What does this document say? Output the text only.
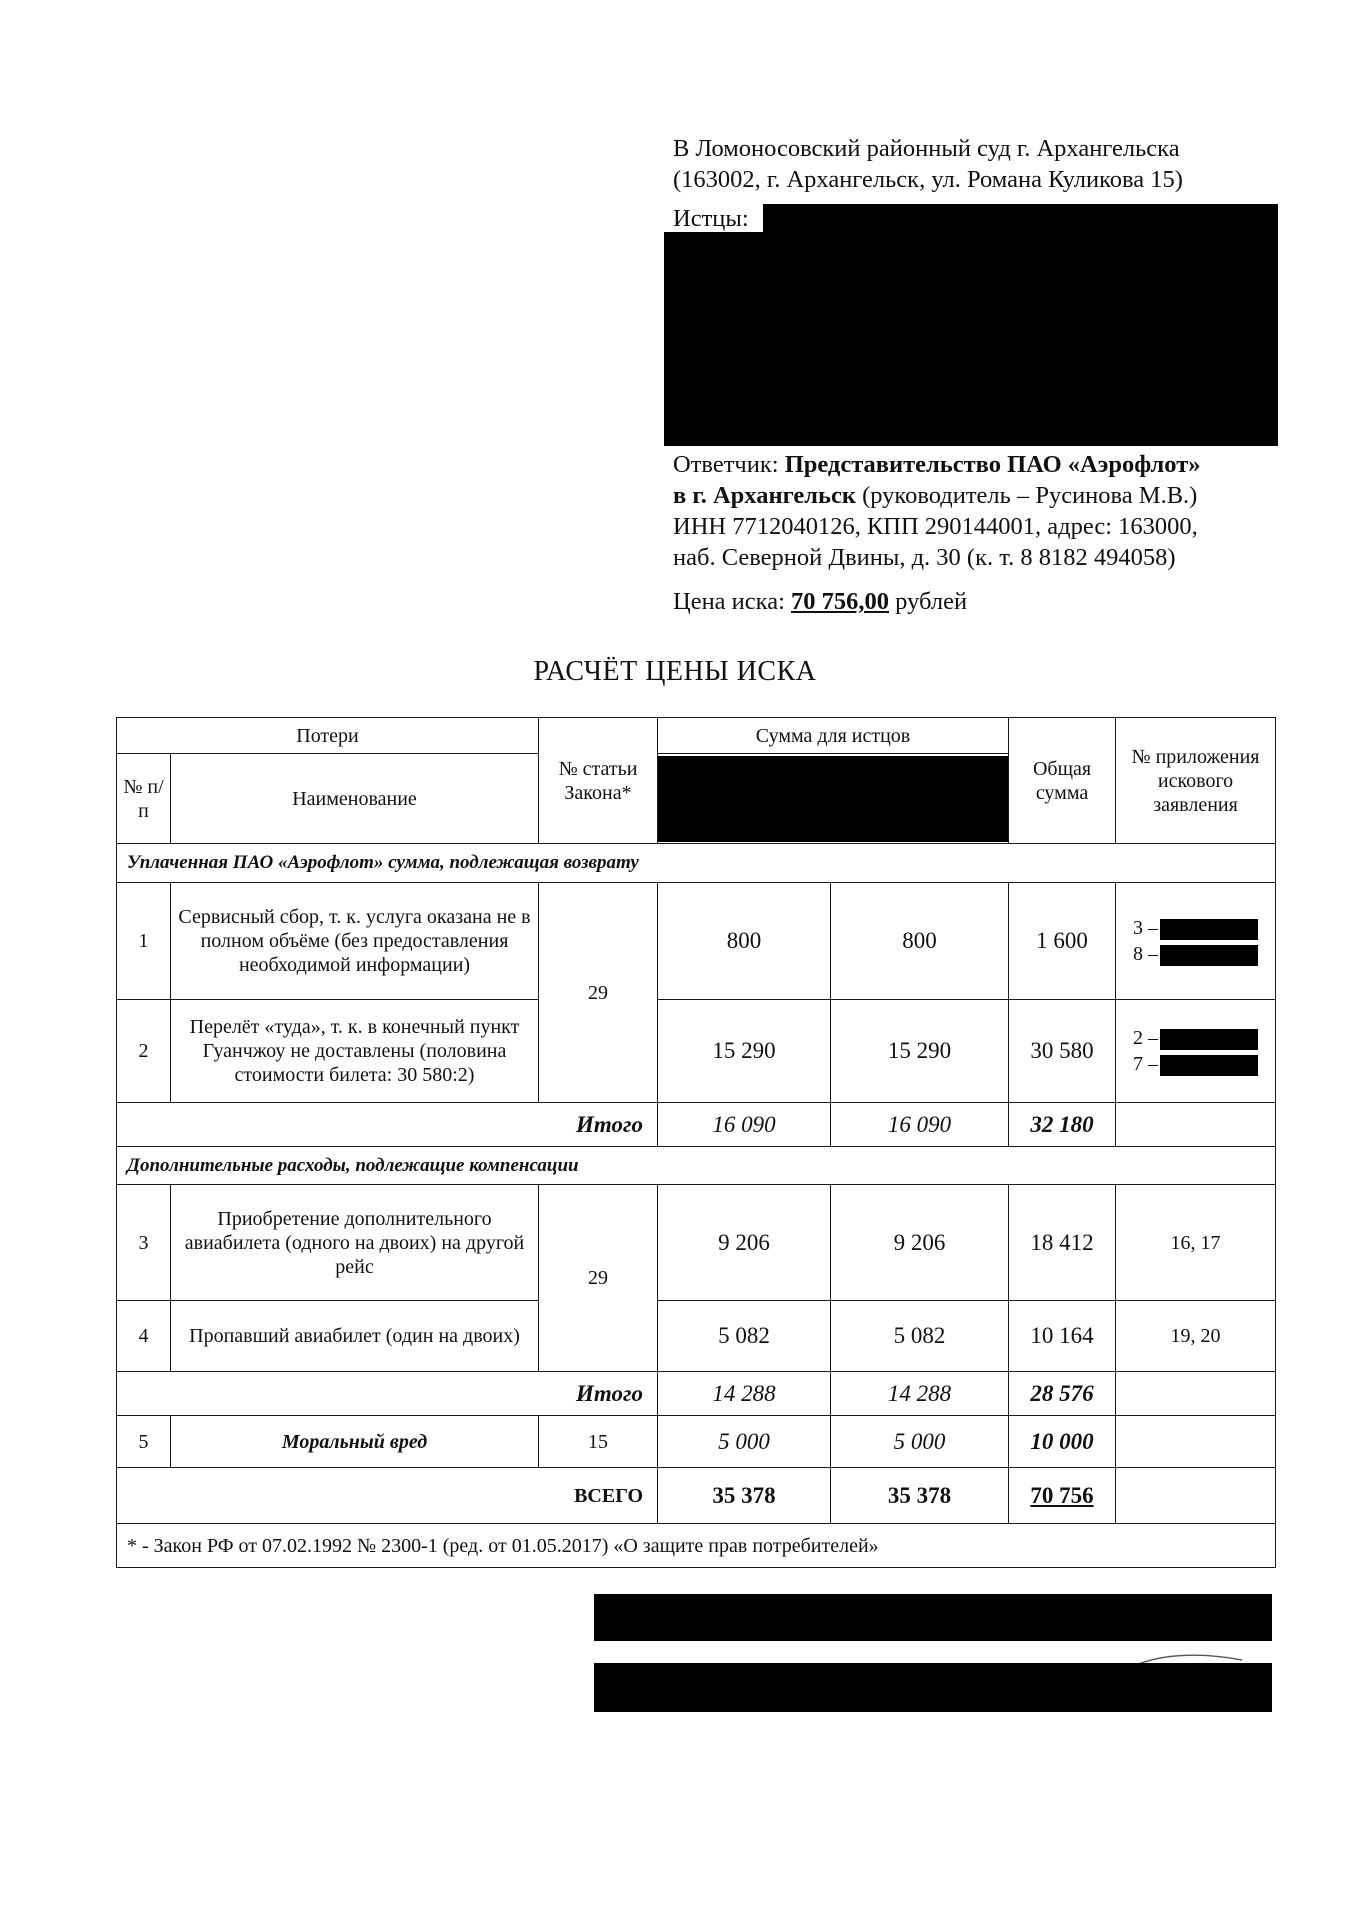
В Ломоносовский районный суд г. Архангельска
(163002, г. Архангельск, ул. Романа Куликова 15)
Истцы:
Ответчик: Представительство ПАО «Аэрофлот»
в г. Архангельск (руководитель – Русинова М.В.)
ИНН 7712040126, КПП 290144001, адрес: 163000,
наб. Северной Двины, д. 30 (к. т. 8 8182 494058)
Цена иска: 70 756,00 рублей
РАСЧЁТ ЦЕНЫ ИСКА
Потери		№ статьи Закона*	Сумма для истцов		Общая сумма	№ приложения искового заявления
№ п/п	Наименование					

Уплаченная ПАО «Аэрофлот» сумма, подлежащая возврату						
1	Сервисный сбор, т. к. услуга оказана не в полном объёме (без предоставления необходимой информации)	29	800	800	1 600	3 –
8 –

2	Перелёт «туда», т. к. в конечный пункт Гуанчжоу не доставлены (половина стоимости билета: 30 580:2)		15 290	15 290	30 580	2 –
7 –

Итого			16 090	16 090	32 180	
Дополнительные расходы, подлежащие компенсации						
3	Приобретение дополнительного авиабилета (одного на двоих) на другой рейс	29	9 206	9 206	18 412	16, 17
4	Пропавший авиабилет (один на двоих)		5 082	5 082	10 164	19, 20
Итого			14 288	14 288	28 576	
5	Моральный вред	15	5 000	5 000	10 000	
ВСЕГО			35 378	35 378	70 756	
* - Закон РФ от 07.02.1992 № 2300-1 (ред. от 01.05.2017) «О защите прав потребителей»						
